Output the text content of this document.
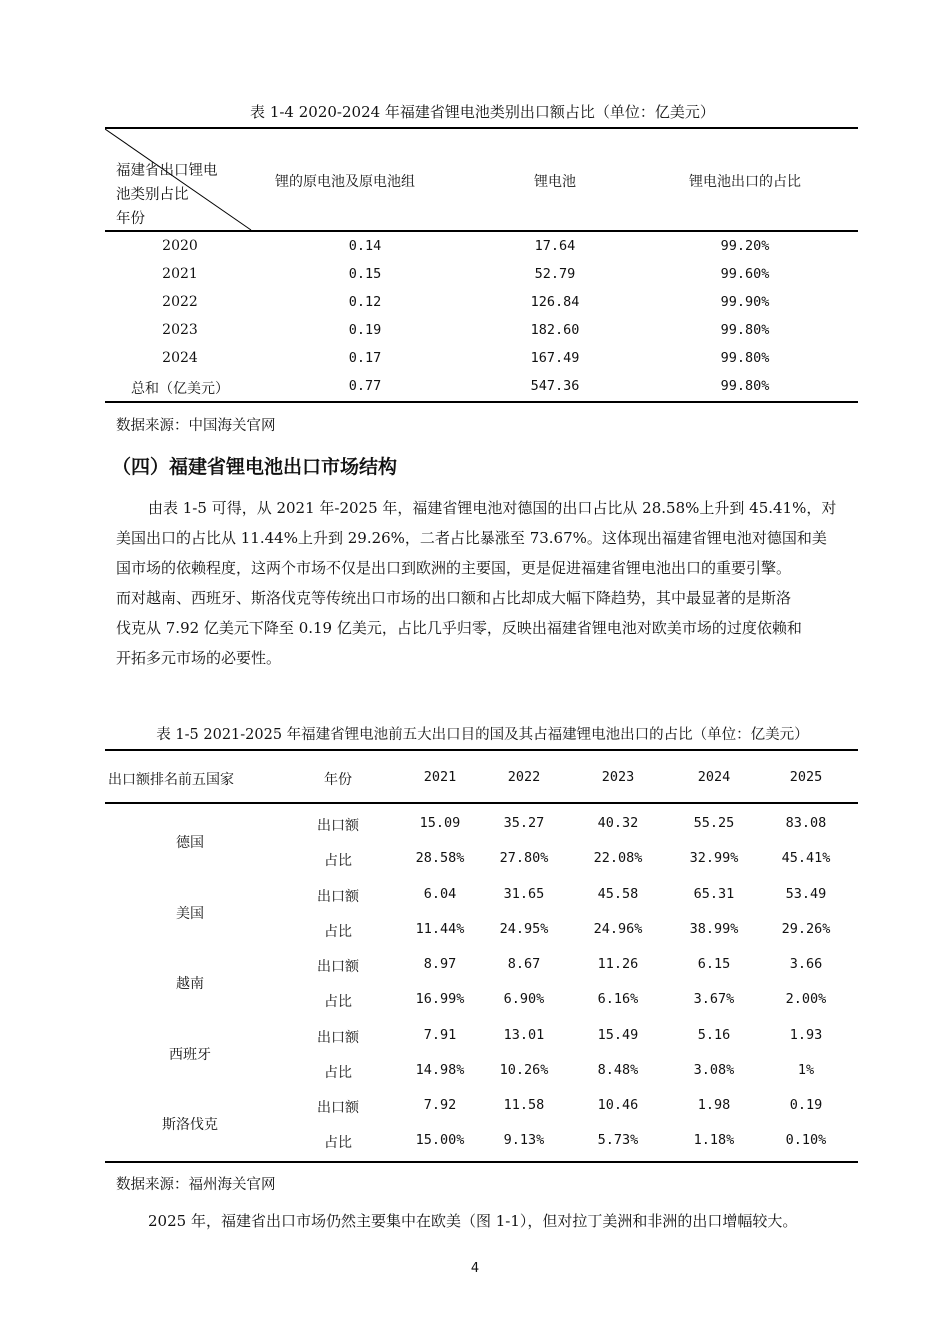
表 1-4 2020-2024 年福建省锂电池类别出口额占比（单位：亿美元）
福建省出口锂电
池类别占比
年份
锂的原电池及原电池组	锂电池	锂电池出口的占比
2020	0.14	17.64	99.20%
2021	0.15	52.79	99.60%
2022	0.12	126.84	99.90%
2023	0.19	182.60	99.80%
2024	0.17	167.49	99.80%
总和（亿美元）	0.77	547.36	99.80%
数据来源：中国海关官网
（四）福建省锂电池出口市场结构

由表 1-5 可得，从 2021 年-2025 年，福建省锂电池对德国的出口占比从 28.58%上升到 45.41%，对
美国出口的占比从 11.44%上升到 29.26%，二者占比暴涨至 73.67%。这体现出福建省锂电池对德国和美
国市场的依赖程度，这两个市场不仅是出口到欧洲的主要国，更是促进福建省锂电池出口的重要引擎。
而对越南、西班牙、斯洛伐克等传统出口市场的出口额和占比却成大幅下降趋势，其中最显著的是斯洛
伐克从 7.92 亿美元下降至 0.19 亿美元，占比几乎归零，反映出福建省锂电池对欧美市场的过度依赖和
开拓多元市场的必要性。

表 1-5 2021-2025 年福建省锂电池前五大出口目的国及其占福建锂电池出口的占比（单位：亿美元）
出口额排名前五国家	年份	2021	2022	2023	2024	2025
德国
出口额	15.09	35.27	40.32	55.25	83.08
占比	28.58%	27.80%	22.08%	32.99%	45.41%
美国
出口额	6.04	31.65	45.58	65.31	53.49
占比	11.44%	24.95%	24.96%	38.99%	29.26%
越南
出口额	8.97	8.67	11.26	6.15	3.66
占比	16.99%	6.90%	6.16%	3.67%	2.00%
西班牙
出口额	7.91	13.01	15.49	5.16	1.93
占比	14.98%	10.26%	8.48%	3.08%	1%
斯洛伐克
出口额	7.92	11.58	10.46	1.98	0.19
占比	15.00%	9.13%	5.73%	1.18%	0.10%
数据来源：福州海关官网
2025 年，福建省出口市场仍然主要集中在欧美（图 1-1），但对拉丁美洲和非洲的出口增幅较大。
4
